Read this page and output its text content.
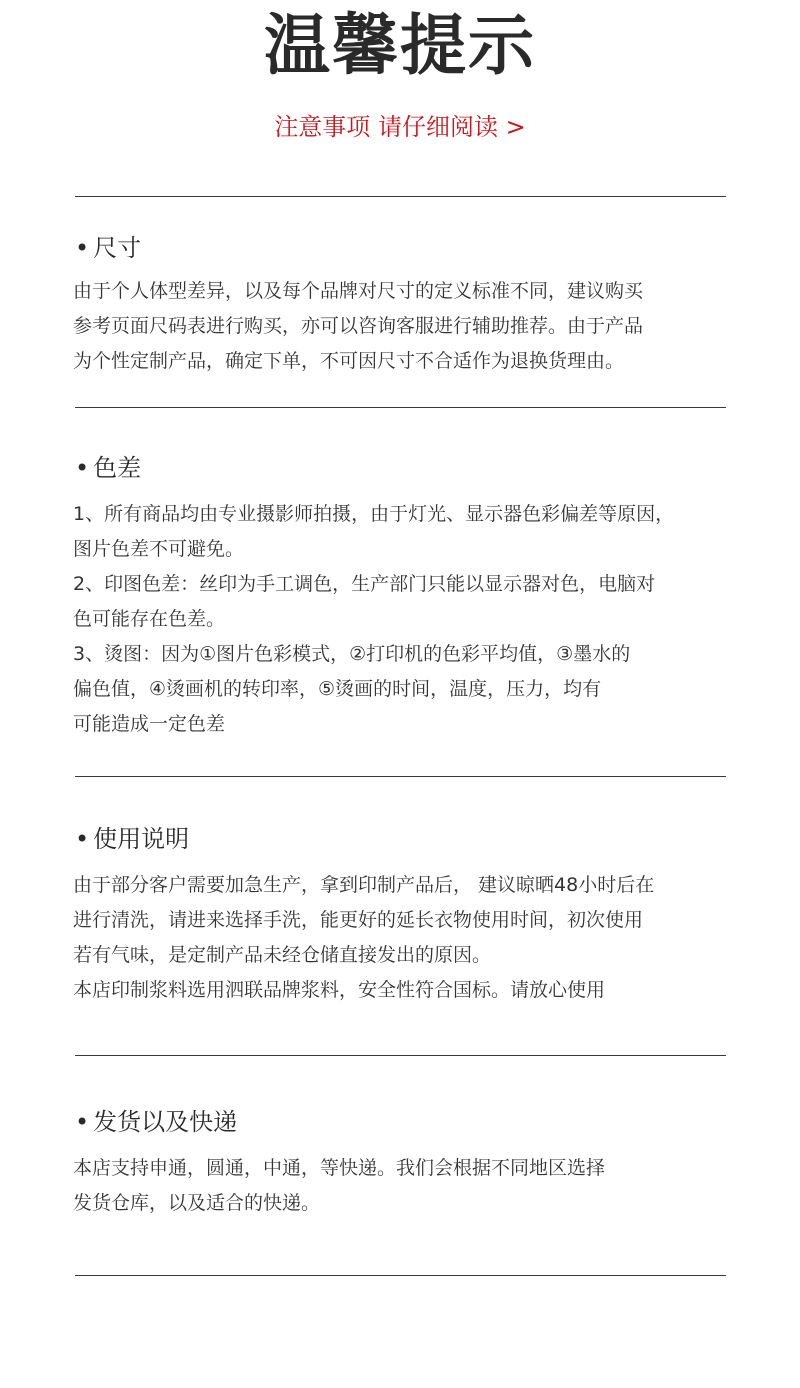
温馨提示
注意事项 请仔细阅读 >
• 尺寸
由于个人体型差异，以及每个品牌对尺寸的定义标准不同，建议购买
参考页面尺码表进行购买，亦可以咨询客服进行辅助推荐。由于产品
为个性定制产品，确定下单，不可因尺寸不合适作为退换货理由。
• 色差
1、所有商品均由专业摄影师拍摄，由于灯光、显示器色彩偏差等原因，
图片色差不可避免。
2、印图色差：丝印为手工调色，生产部门只能以显示器对色，电脑对
色可能存在色差。
3、烫图：因为①图片色彩模式，②打印机的色彩平均值，③墨水的
偏色值，④烫画机的转印率，⑤烫画的时间，温度，压力，均有
可能造成一定色差
• 使用说明
由于部分客户需要加急生产，拿到印制产品后， 建议晾晒48小时后在
进行清洗，请进来选择手洗，能更好的延长衣物使用时间，初次使用
若有气味，是定制产品未经仓储直接发出的原因。
本店印制浆料选用泗联品牌浆料，安全性符合国标。请放心使用
• 发货以及快递
本店支持申通，圆通，中通，等快递。我们会根据不同地区选择
发货仓库，以及适合的快递。
